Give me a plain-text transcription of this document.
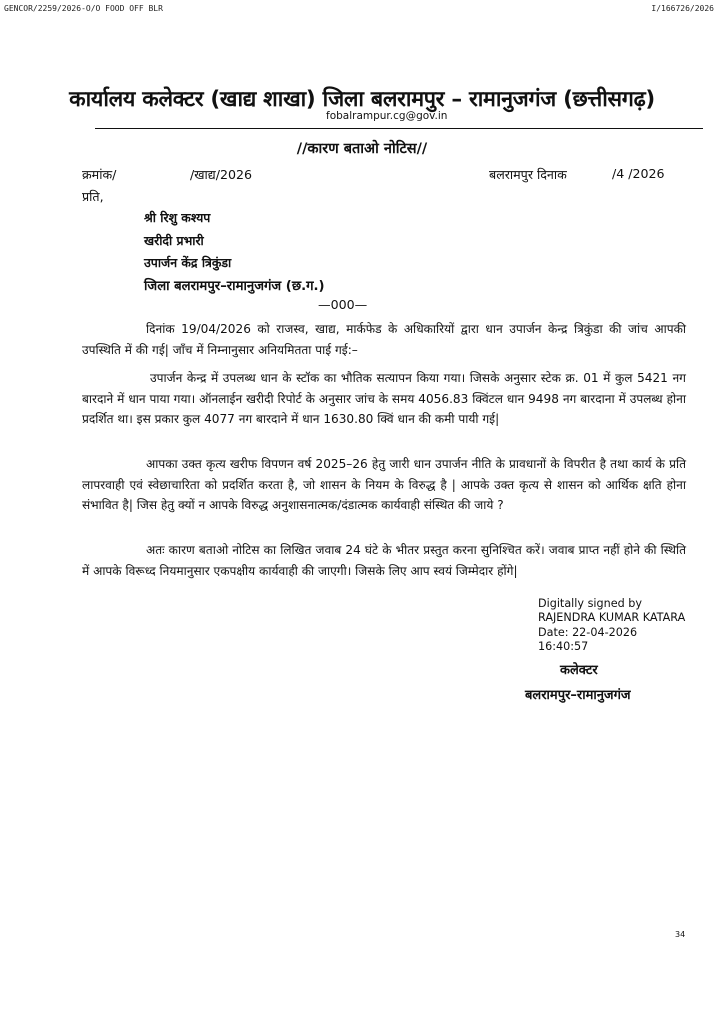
GENCOR/2259/2026-O/O FOOD OFF BLR	I/166726/2026
कार्यालय कलेक्टर (खाद्य शाखा) जिला बलरामपुर – रामानुजगंज (छत्तीसगढ़)
fobalrampur.cg@gov.in
//कारण बताओ नोटिस//
क्रमांक/	/खाद्य/2026	बलरामपुर दिनाक	/4 /2026
प्रति,
श्री रिशु कश्यप
खरीदी प्रभारी
उपार्जन केंद्र त्रिकुंडा
जिला बलरामपुर–रामानुजगंज (छ.ग.)
—000—
दिनांक 19/04/2026 को राजस्व, खाद्य, मार्कफेड के अधिकारियों द्वारा धान उपार्जन केन्द्र त्रिकुंडा की जांच आपकी उपस्थिति में की गई| जाँच में निम्नानुसार अनियमितता पाई गई:–
उपार्जन केन्द्र में उपलब्ध धान के स्टॉक का भौतिक सत्यापन किया गया। जिसके अनुसार स्टेक क्र. 01 में कुल 5421 नग बारदाने में धान पाया गया। ऑनलाईन खरीदी रिपोर्ट के अनुसार जांच के समय 4056.83 क्विंटल धान 9498 नग बारदाना में उपलब्ध होना प्रदर्शित था। इस प्रकार कुल 4077 नग बारदाने में धान 1630.80 क्विं धान की कमी पायी गई|
आपका उक्त कृत्य खरीफ विपणन वर्ष 2025–26 हेतु जारी धान उपार्जन नीति के प्रावधानों के विपरीत है तथा कार्य के प्रति लापरवाही एवं स्वेछाचारिता को प्रदर्शित करता है, जो शासन के नियम के विरुद्ध है | आपके उक्त कृत्य से शासन को आर्थिक क्षति होना संभावित है| जिस हेतु क्यों न आपके विरुद्ध अनुशासनात्मक/दंडात्मक कार्यवाही संस्थित की जाये ?
अतः कारण बताओ नोटिस का लिखित जवाब 24 घंटे के भीतर प्रस्तुत करना सुनिश्चित करें। जवाब प्राप्त नहीं होने की स्थिति में आपके विरूध्द नियमानुसार एकपक्षीय कार्यवाही की जाएगी। जिसके लिए आप स्वयं जिम्मेदार होंगे|
Digitally signed by
RAJENDRA KUMAR KATARA
Date: 22-04-2026
16:40:57
कलेक्टर
बलरामपुर–रामानुजगंज
34
